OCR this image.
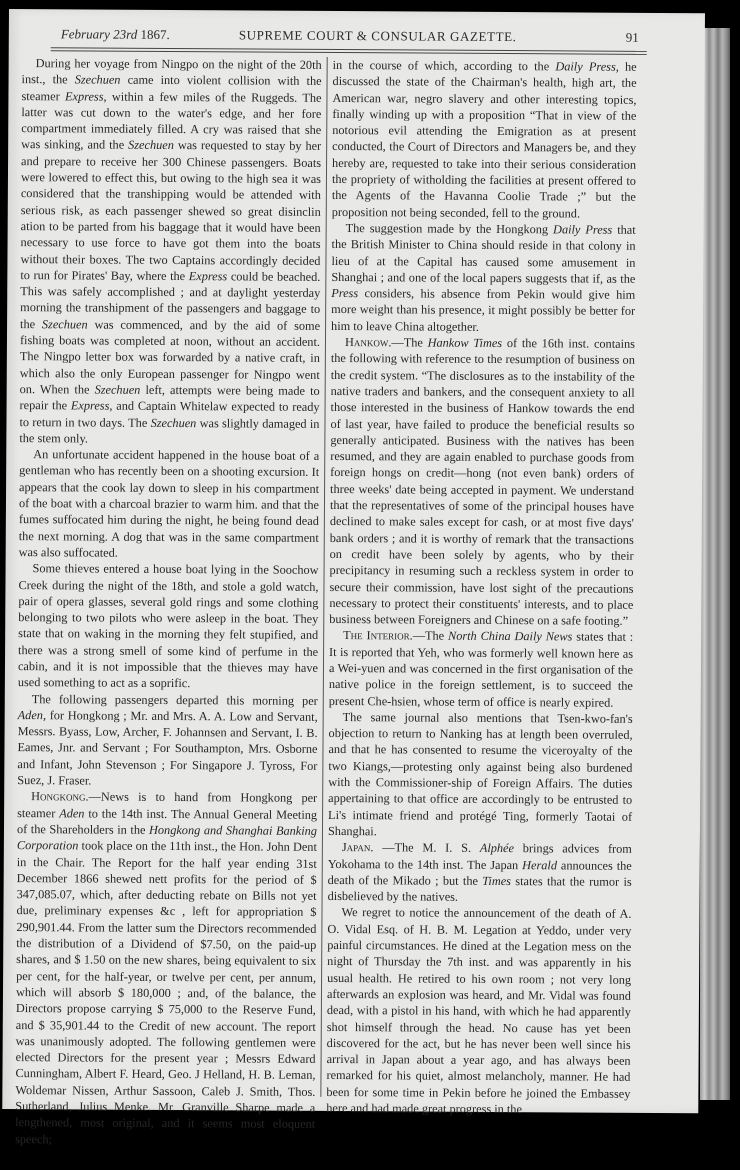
February 23rd 1867.	SUPREME COURT & CONSULAR GAZETTE.	91

During her voyage from Ningpo on the night of the 20th inst., the Szechuen came into violent collision with the steamer Express, within a few miles of the Ruggeds. The latter was cut down to the water's edge, and her fore compartment immediately filled. A cry was raised that she was sinking, and the Szechuen was requested to stay by her and prepare to receive her 300 Chinese passengers. Boats were lowered to effect this, but owing to the high sea it was considered that the transhipping would be attended with serious risk, as each passenger shewed so great disinclin ation to be parted from his baggage that it would have been necessary to use force to have got them into the boats without their boxes. The two Captains accordingly decided to run for Pirates' Bay, where the Express could be beached. This was safely accomplished ; and at daylight yesterday morning the transhipment of the passengers and baggage to the Szechuen was commenced, and by the aid of some fishing boats was completed at noon, without an accident. The Ningpo letter box was forwarded by a native craft, in which also the only European passenger for Ningpo went on. When the Szechuen left, attempts were being made to repair the Express, and Captain Whitelaw expected to ready to return in two days. The Szechuen was slightly damaged in the stem only.

An unfortunate accident happened in the house boat of a gentleman who has recently been on a shooting excursion. It appears that the cook lay down to sleep in his compartment of the boat with a charcoal brazier to warm him. and that the fumes suffocated him during the night, he being found dead the next morning. A dog that was in the same compartment was also suffocated.

Some thieves entered a house boat lying in the Soochow Creek during the night of the 18th, and stole a gold watch, pair of opera glasses, several gold rings and some clothing belonging to two pilots who were asleep in the boat. They state that on waking in the morning they felt stupified, and there was a strong smell of some kind of perfume in the cabin, and it is not impossible that the thieves may have used something to act as a soprific.

The following passengers departed this morning per Aden, for Hongkong ; Mr. and Mrs. A. A. Low and Servant, Messrs. Byass, Low, Archer, F. Johannsen and Servant, I. B. Eames, Jnr. and Servant ; For Southampton, Mrs. Osborne and Infant, John Stevenson ; For Singapore J. Tyross, For Suez, J. Fraser.

Hongkong.—News is to hand from Hongkong per steamer Aden to the 14th inst. The Annual General Meeting of the Shareholders in the Hongkong and Shanghai Banking Corporation took place on the 11th inst., the Hon. John Dent in the Chair. The Report for the half year ending 31st December 1866 shewed nett profits for the period of $ 347,085.07, which, after deducting rebate on Bills not yet due, preliminary expenses &c , left for appropriation $ 290,901.44. From the latter sum the Directors recommended the distribution of a Dividend of $7.50, on the paid-up shares, and $ 1.50 on the new shares, being equivalent to six per cent, for the half-year, or twelve per cent, per annum, which will absorb $ 180,000 ; and, of the balance, the Directors propose carrying $ 75,000 to the Reserve Fund, and $ 35,901.44 to the Credit of new account. The report was unanimously adopted. The following gentlemen were elected Directors for the present year ; Messrs Edward Cunningham, Albert F. Heard, Geo. J Helland, H. B. Leman, Woldemar Nissen, Arthur Sassoon, Caleb J. Smith, Thos. Sutherland, Julius Menke. Mr. Granville Sharpe made a lengthened, most original, and it seems most eloquent speech;

in the course of which, according to the Daily Press, he discussed the state of the Chairman's health, high art, the American war, negro slavery and other interesting topics, finally winding up with a proposition “That in view of the notorious evil attending the Emigration as at present conducted, the Court of Directors and Managers be, and they hereby are, requested to take into their serious consideration the propriety of witholding the facilities at present offered to the Agents of the Havanna Coolie Trade ;” but the proposition not being seconded, fell to the ground.

The suggestion made by the Hongkong Daily Press that the British Minister to China should reside in that colony in lieu of at the Capital has caused some amusement in Shanghai ; and one of the local papers suggests that if, as the Press considers, his absence from Pekin would give him more weight than his presence, it might possibly be better for him to leave China altogether.

Hankow.—The Hankow Times of the 16th inst. contains the following with reference to the resumption of business on the credit system. “The disclosures as to the instability of the native traders and bankers, and the consequent anxiety to all those interested in the business of Hankow towards the end of last year, have failed to produce the beneficial results so generally anticipated. Business with the natives has been resumed, and they are again enabled to purchase goods from foreign hongs on credit—hong (not even bank) orders of three weeks' date being accepted in payment. We understand that the representatives of some of the principal houses have declined to make sales except for cash, or at most five days' bank orders ; and it is worthy of remark that the transactions on credit have been solely by agents, who by their precipitancy in resuming such a reckless system in order to secure their commission, have lost sight of the precautions necessary to protect their constituents' interests, and to place business between Foreigners and Chinese on a safe footing.”

The Interior.—The North China Daily News states that : It is reported that Yeh, who was formerly well known here as a Wei-yuen and was concerned in the first organisation of the native police in the foreign settlement, is to succeed the present Che-hsien, whose term of office is nearly expired.

The same journal also mentions that Tsen-kwo-fan's objection to return to Nanking has at length been overruled, and that he has consented to resume the viceroyalty of the two Kiangs,—protesting only against being also burdened with the Commissioner-ship of Foreign Affairs. The duties appertaining to that office are accordingly to be entrusted to Li's intimate friend and protégé Ting, formerly Taotai of Shanghai.

Japan. —The M. I. S. Alphée brings advices from Yokohama to the 14th inst. The Japan Herald announces the death of the Mikado ; but the Times states that the rumor is disbelieved by the natives.

We regret to notice the announcement of the death of A. O. Vidal Esq. of H. B. M. Legation at Yeddo, under very painful circumstances. He dined at the Legation mess on the night of Thursday the 7th inst. and was apparently in his usual health. He retired to his own room ; not very long afterwards an explosion was heard, and Mr. Vidal was found dead, with a pistol in his hand, with which he had apparently shot himself through the head. No cause has yet been discovered for the act, but he has never been well since his arrival in Japan about a year ago, and has always been remarked for his quiet, almost melancholy, manner. He had been for some time in Pekin before he joined the Embassey here and had made great progress in the
